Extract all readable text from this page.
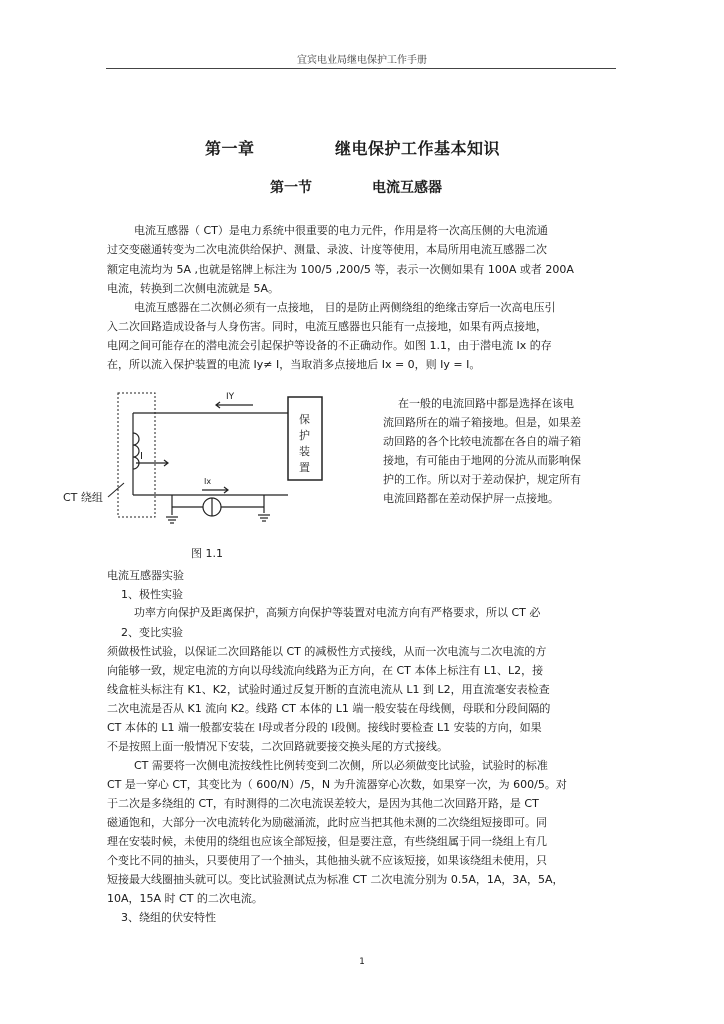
宜宾电业局继电保护工作手册
第一章	继电保护工作基本知识
第一节	电流互感器
电流互感器（ CT）是电力系统中很重要的电力元件，作用是将一次高压侧的大电流通
过交变磁通转变为二次电流供给保护、测量、录波、计度等使用，本局所用电流互感器二次
额定电流均为 5A ,也就是铭牌上标注为 100/5 ,200/5 等，表示一次侧如果有 100A 或者 200A
电流，转换到二次侧电流就是 5A。
电流互感器在二次侧必须有一点接地， 目的是防止两侧绕组的绝缘击穿后一次高电压引
入二次回路造成设备与人身伤害。同时，电流互感器也只能有一点接地，如果有两点接地，
电网之间可能存在的潜电流会引起保护等设备的不正确动作。如图 1.1，由于潜电流 Ix 的存
在，所以流入保护装置的电流 Iy≠ I，当取消多点接地后 Ix = 0，则 Iy = I。
IY
I
Ix
CT 绕组
保
护
装
置
在一般的电流回路中都是选择在该电
流回路所在的端子箱接地。但是，如果差
动回路的各个比较电流都在各自的端子箱
接地，有可能由于地网的分流从而影响保
护的工作。所以对于差动保护，规定所有
电流回路都在差动保护屏一点接地。
图 1.1
电流互感器实验
1、极性实验
功率方向保护及距离保护，高频方向保护等装置对电流方向有严格要求，所以 CT 必
2、变比实验
须做极性试验，以保证二次回路能以 CT 的减极性方式接线，从而一次电流与二次电流的方
向能够一致，规定电流的方向以母线流向线路为正方向，在 CT 本体上标注有 L1、L2，接
线盒桩头标注有 K1、K2，试验时通过反复开断的直流电流从 L1 到 L2，用直流毫安表检查
二次电流是否从 K1 流向 K2。线路 CT 本体的 L1 端一般安装在母线侧，母联和分段间隔的
CT 本体的 L1 端一般都安装在 Ⅰ母或者分段的 Ⅰ段侧。接线时要检查 L1 安装的方向，如果
不是按照上面一般情况下安装，二次回路就要接交换头尾的方式接线。
CT 需要将一次侧电流按线性比例转变到二次侧，所以必须做变比试验，试验时的标准
CT 是一穿心 CT，其变比为（ 600/N）/5，N 为升流器穿心次数，如果穿一次，为 600/5。对
于二次是多绕组的 CT，有时测得的二次电流误差较大，是因为其他二次回路开路，是 CT
磁通饱和，大部分一次电流转化为励磁涌流，此时应当把其他未测的二次绕组短接即可。同
理在安装时候，未使用的绕组也应该全部短接，但是要注意，有些绕组属于同一绕组上有几
个变比不同的抽头，只要使用了一个抽头，其他抽头就不应该短接，如果该绕组未使用，只
短接最大线圈抽头就可以。变比试验测试点为标准 CT 二次电流分别为 0.5A，1A，3A，5A，
10A，15A 时 CT 的二次电流。
3、绕组的伏安特性
1
